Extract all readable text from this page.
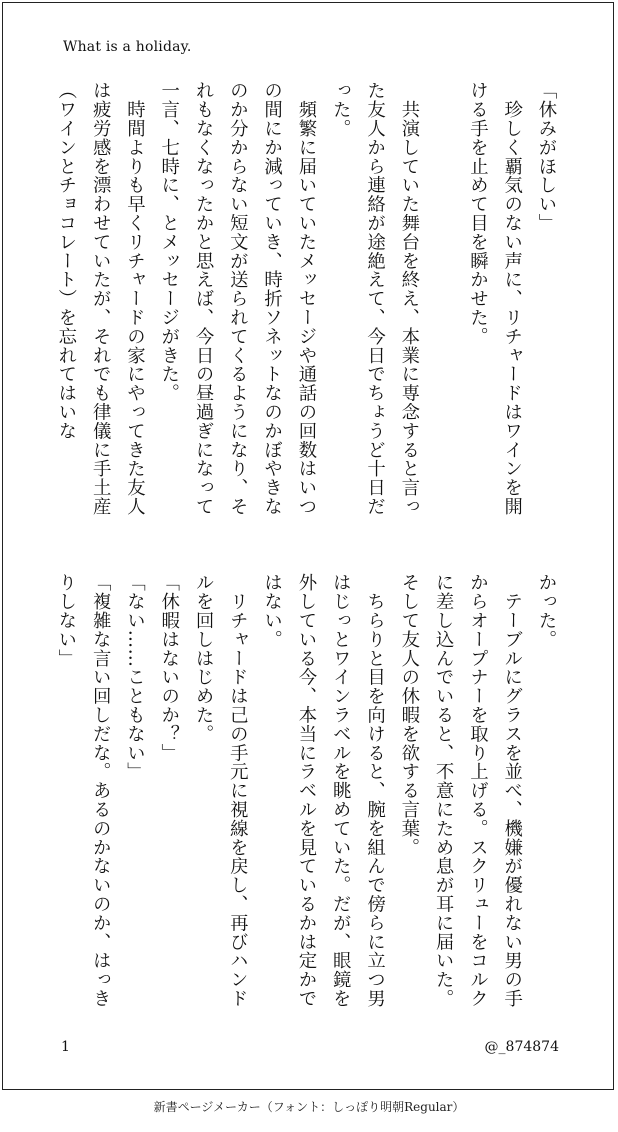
What is a holiday.
「休みがほしい」
　珍しく覇気のない声に、リチャードはワインを開ける手を止めて目を瞬かせた。

　共演していた舞台を終え、本業に専念すると言った友人から連絡が途絶えて、今日でちょうど十日だった。
　頻繁に届いていたメッセージや通話の回数はいつの間にか減っていき、時折ソネットなのかぼやきなのか分からない短文が送られてくるようになり、それもなくなったかと思えば、今日の昼過ぎになって一言、七時に、とメッセージがきた。
　時間よりも早くリチャードの家にやってきた友人は疲労感を漂わせていたが、それでも律儀に手土産（ワインとチョコレート）を忘れてはいな
かった。
　テーブルにグラスを並べ、機嫌が優れない男の手からオープナーを取り上げる。スクリューをコルクに差し込んでいると、不意にため息が耳に届いた。そして友人の休暇を欲する言葉。
　ちらりと目を向けると、腕を組んで傍らに立つ男はじっとワインラベルを眺めていた。だが、眼鏡を外している今、本当にラベルを見ているかは定かではない。
　リチャードは己の手元に視線を戻し、再びハンドルを回しはじめた。
「休暇はないのか？」
「ない……こともない」
「複雑な言い回しだな。あるのかないのか、はっきりしない」
1	@_874874
新書ページメーカー（フォント：しっぽり明朝Regular）
